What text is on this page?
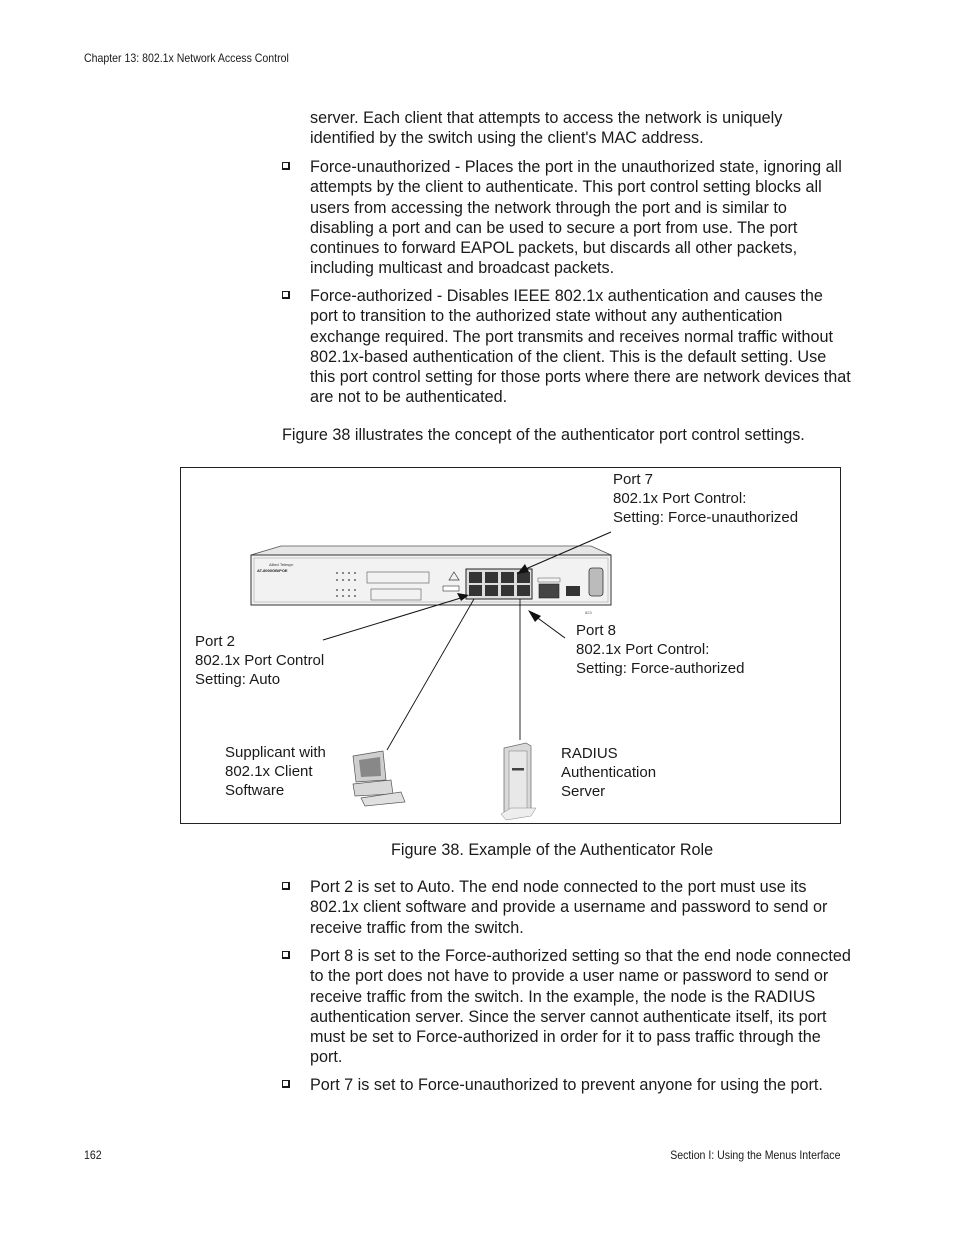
Chapter 13: 802.1x Network Access Control
server. Each client that attempts to access the network is uniquely
identified by the switch using the client's MAC address.
Force-unauthorized - Places the port in the unauthorized state, ignoring all attempts by the client to authenticate. This port control setting blocks all users from accessing the network through the port and is similar to disabling a port and can be used to secure a port from use. The port continues to forward EAPOL packets, but discards all other packets, including multicast and broadcast packets.
Force-authorized - Disables IEEE 802.1x authentication and causes the port to transition to the authorized state without any authentication exchange required. The port transmits and receives normal traffic without 802.1x-based authentication of the client. This is the default setting. Use this port control setting for those ports where there are network devices that are not to be authenticated.
Figure 38 illustrates the concept of the authenticator port control settings.
Allied Telesyn
AT-8000GB/POE
823
Port 7
802.1x Port Control:
Setting: Force-unauthorized
Port 2
802.1x Port Control
Setting: Auto
Port 8
802.1x Port Control:
Setting: Force-authorized
Supplicant with
802.1x Client
Software
RADIUS
Authentication
Server
Figure 38. Example of the Authenticator Role
Port 2 is set to Auto. The end node connected to the port must use its 802.1x client software and provide a username and password to send or receive traffic from the switch.
Port 8 is set to the Force-authorized setting so that the end node connected to the port does not have to provide a user name or password to send or receive traffic from the switch. In the example, the node is the RADIUS authentication server. Since the server cannot authenticate itself, its port must be set to Force-authorized in order for it to pass traffic through the port.
Port 7 is set to Force-unauthorized to prevent anyone for using the port.
162	Section I: Using the Menus Interface
